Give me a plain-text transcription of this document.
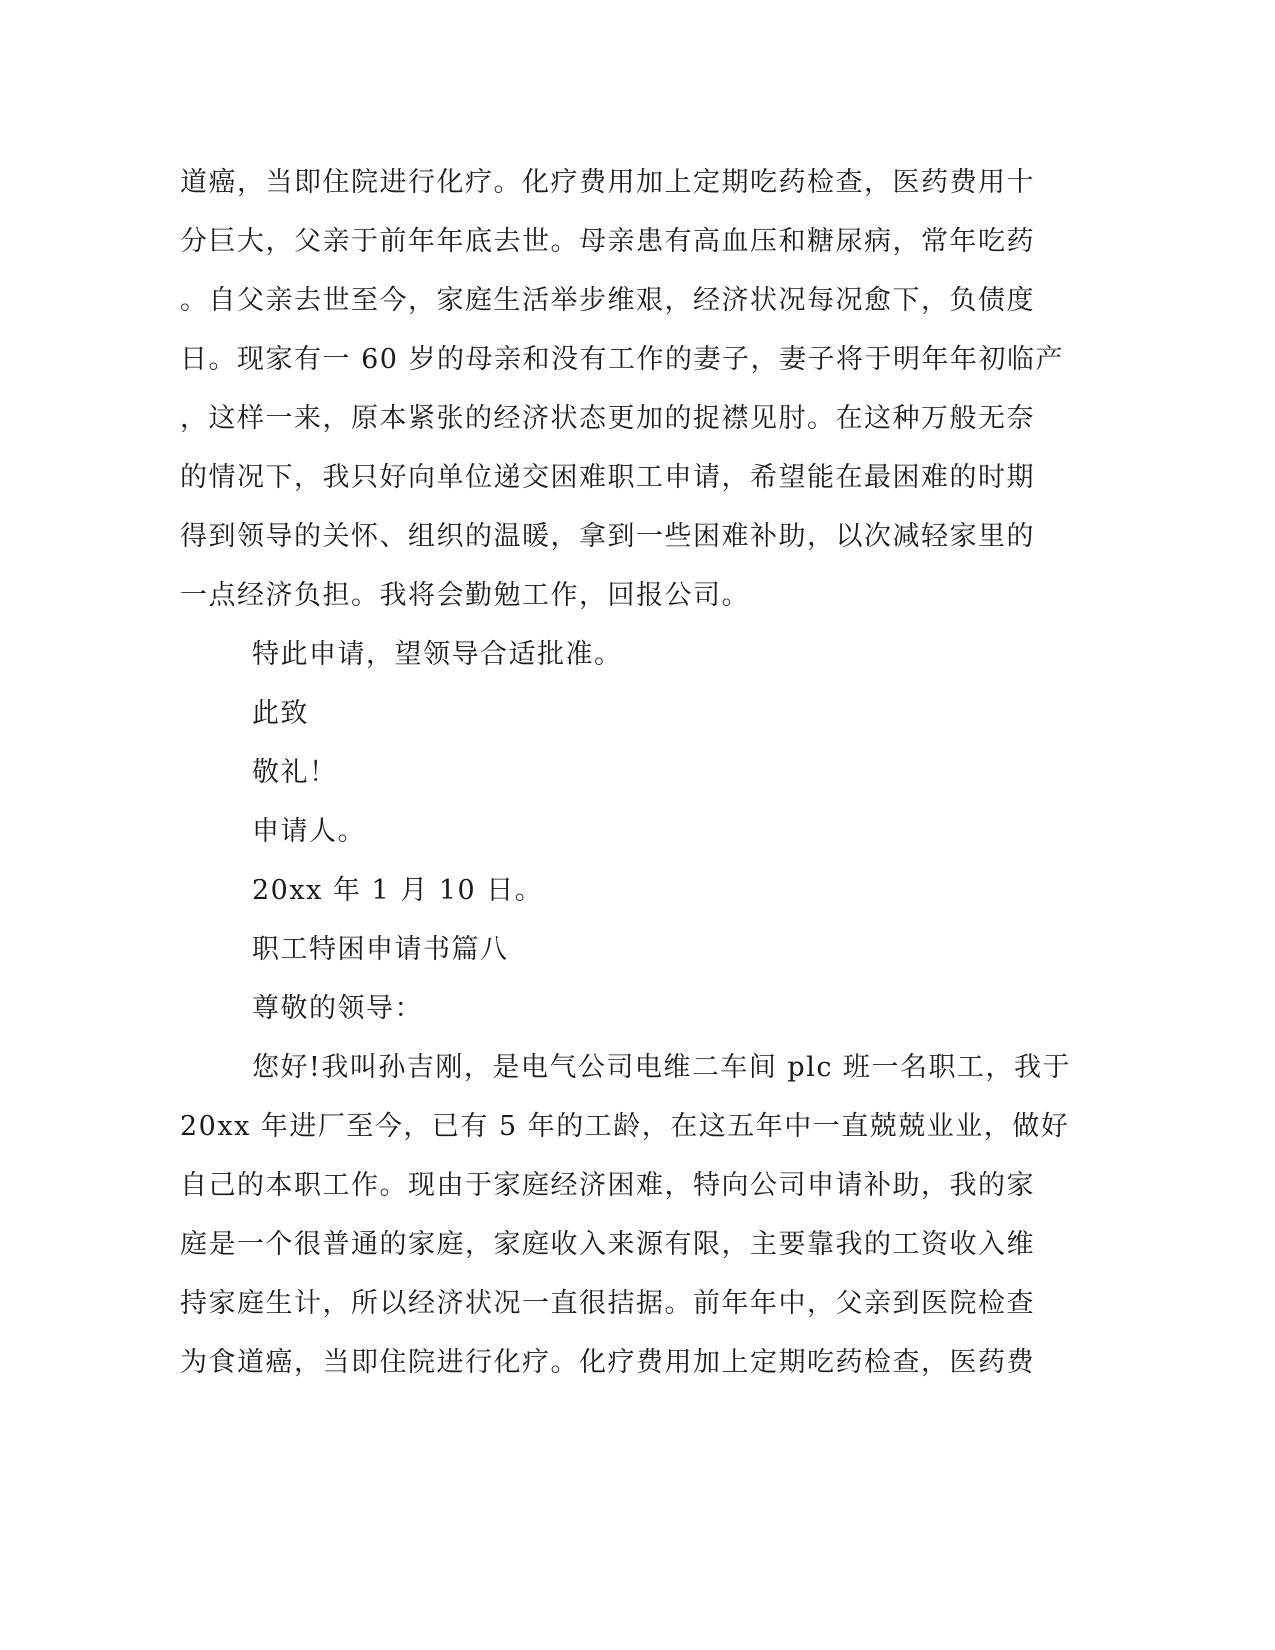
道癌，当即住院进行化疗。化疗费用加上定期吃药检查，医药费用十
分巨大，父亲于前年年底去世。母亲患有高血压和糖尿病，常年吃药
。自父亲去世至今，家庭生活举步维艰，经济状况每况愈下，负债度
日。现家有一 60 岁的母亲和没有工作的妻子，妻子将于明年年初临产
，这样一来，原本紧张的经济状态更加的捉襟见肘。在这种万般无奈
的情况下，我只好向单位递交困难职工申请，希望能在最困难的时期
得到领导的关怀、组织的温暖，拿到一些困难补助，以次减轻家里的
一点经济负担。我将会勤勉工作，回报公司。
特此申请，望领导合适批准。
此致
敬礼！
申请人。
20xx 年 1 月 10 日。
职工特困申请书篇八
尊敬的领导：
您好!我叫孙吉刚，是电气公司电维二车间 plc 班一名职工，我于
20xx 年进厂至今，已有 5 年的工龄，在这五年中一直兢兢业业，做好
自己的本职工作。现由于家庭经济困难，特向公司申请补助，我的家
庭是一个很普通的家庭，家庭收入来源有限，主要靠我的工资收入维
持家庭生计，所以经济状况一直很拮据。前年年中，父亲到医院检查
为食道癌，当即住院进行化疗。化疗费用加上定期吃药检查，医药费
